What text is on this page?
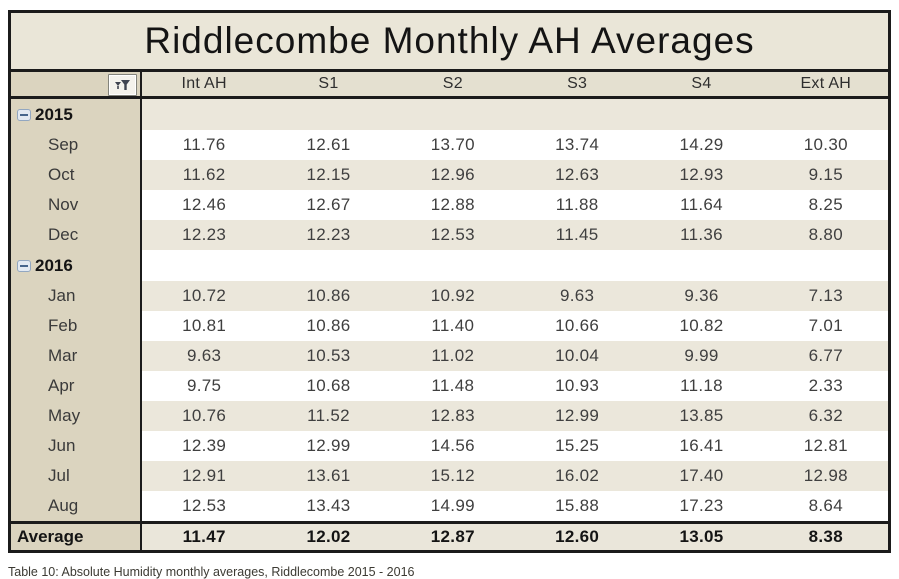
Riddlecombe Monthly AH Averages
Int AH	S1	S2	S3	S4	Ext AH
2015
Sep	11.76	12.61	13.70	13.74	14.29	10.30
Oct	11.62	12.15	12.96	12.63	12.93	9.15
Nov	12.46	12.67	12.88	11.88	11.64	8.25
Dec	12.23	12.23	12.53	11.45	11.36	8.80
2016
Jan	10.72	10.86	10.92	9.63	9.36	7.13
Feb	10.81	10.86	11.40	10.66	10.82	7.01
Mar	9.63	10.53	11.02	10.04	9.99	6.77
Apr	9.75	10.68	11.48	10.93	11.18	2.33
May	10.76	11.52	12.83	12.99	13.85	6.32
Jun	12.39	12.99	14.56	15.25	16.41	12.81
Jul	12.91	13.61	15.12	16.02	17.40	12.98
Aug	12.53	13.43	14.99	15.88	17.23	8.64
Average	11.47	12.02	12.87	12.60	13.05	8.38
Table 10: Absolute Humidity monthly averages, Riddlecombe 2015 - 2016
